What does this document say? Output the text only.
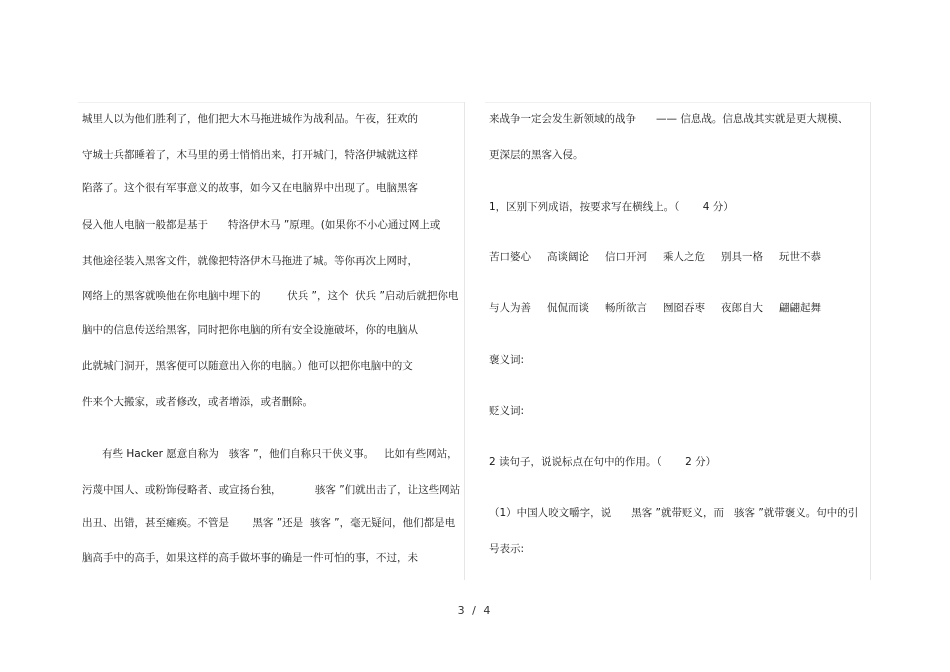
城里人以为他们胜利了，他们把大木马拖进城作为战利品。午夜，狂欢的
守城士兵都睡着了，木马里的勇士悄悄出来，打开城门，特洛伊城就这样
陷落了。这个很有军事意义的故事，如今又在电脑界中出现了。电脑黑客
侵入他人电脑一般都是基于      特洛伊木马 ”原理。(如果你不小心通过网上或
其他途径装入黑客文件，就像把特洛伊木马拖进了城。等你再次上网时，
网络上的黑客就唤他在你电脑中埋下的        伏兵 ”，这个  伏兵 ”启动后就把你电
脑中的信息传送给黑客，同时把你电脑的所有安全设施破坏，你的电脑从
此就城门洞开，黑客便可以随意出入你的电脑。）他可以把你电脑中的文
件来个大搬家，或者修改，或者增添，或者删除。
有些 Hacker 愿意自称为   骇客 ”，他们自称只干侠义事。   比如有些网站，
污蔑中国人、或粉饰侵略者、或宣扬台独，          骇客 ”们就出击了，让这些网站
出丑、出错，甚至瘫痪。不管是       黑客 ”还是  骇客 ”，毫无疑问，他们都是电
脑高手中的高手，如果这样的高手做坏事的确是一件可怕的事，不过，未
来战争一定会发生新领域的战争      —— 信息战。信息战其实就是更大规模、
更深层的黑客入侵。
1，区别下列成语，按要求写在横线上。（       4 分）
苦口婆心 高谈阔论 信口开河 乘人之危 别具一格 玩世不恭
与人为善 侃侃而谈 畅所欲言 囫囵吞枣 夜郎自大 翩翩起舞
褒义词:
贬义词:
2 读句子，说说标点在句中的作用。（       2 分）
（1）中国人咬文嚼字，说      黑客 ”就带贬义，而   骇客 ”就带褒义。句中的引
号表示:
3 / 4
